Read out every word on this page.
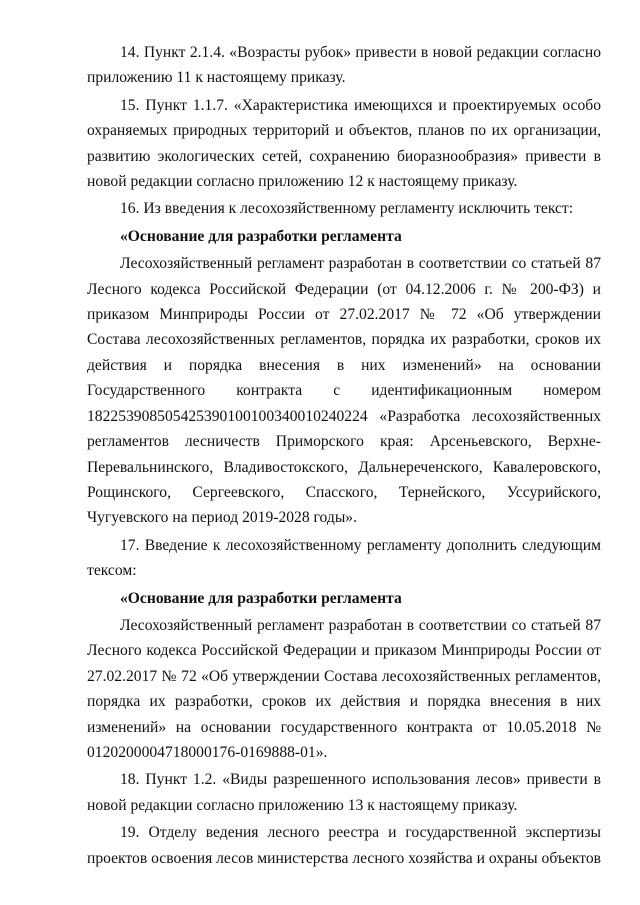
14. Пункт 2.1.4. «Возрасты рубок» привести в новой редакции согласно приложению 11 к настоящему приказу.

15. Пункт 1.1.7. «Характеристика имеющихся и проектируемых особо охраняемых природных территорий и объектов, планов по их организации, развитию экологических сетей, сохранению биоразнообразия» привести в новой редакции согласно приложению 12 к настоящему приказу.

16. Из введения к лесохозяйственному регламенту исключить текст:

«Основание для разработки регламента

Лесохозяйственный регламент разработан в соответствии со статьей 87 Лесного кодекса Российской Федерации (от 04.12.2006 г. № 200-ФЗ) и приказом Минприроды России от 27.02.2017 № 72 «Об утверждении Состава лесохозяйственных регламентов, порядка их разработки, сроков их действия и порядка внесения в них изменений» на основании Государственного контракта с идентификационным номером 182253908505425390100100340010240224 «Разработка лесохозяйственных регламентов лесничеств Приморского края: Арсеньевского, Верхне-Перевальнинского, Владивостокского, Дальнереченского, Кавалеровского, Рощинского, Сергеевского, Спасского, Тернейского, Уссурийского, Чугуевского на период 2019-2028 годы».

17. Введение к лесохозяйственному регламенту дополнить следующим тексом:

«Основание для разработки регламента

Лесохозяйственный регламент разработан в соответствии со статьей 87 Лесного кодекса Российской Федерации и приказом Минприроды России от 27.02.2017 № 72 «Об утверждении Состава лесохозяйственных регламентов, порядка их разработки, сроков их действия и порядка внесения в них изменений» на основании государственного контракта от 10.05.2018 № 0120200004718000176-0169888-01».

18. Пункт 1.2. «Виды разрешенного использования лесов» привести в новой редакции согласно приложению 13 к настоящему приказу.

19. Отделу ведения лесного реестра и государственной экспертизы проектов освоения лесов министерства лесного хозяйства и охраны объектов
